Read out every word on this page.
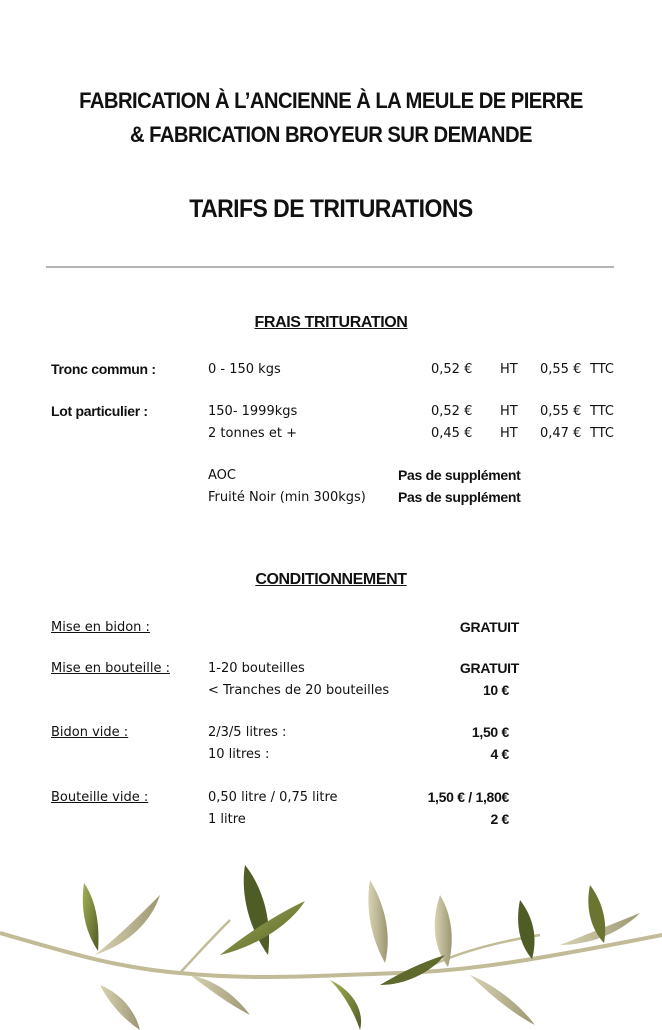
FABRICATION À L’ANCIENNE À LA MEULE DE PIERRE
& FABRICATION BROYEUR SUR DEMANDE
TARIFS DE TRITURATIONS
FRAIS TRITURATION
Tronc commun :	0 - 150 kgs	0,52 € HT 0,55 € TTC
Lot particulier :	150- 1999kgs	0,52 € HT 0,55 € TTC
2 tonnes et +	0,45 € HT 0,47 € TTC
AOC	Pas de supplément
Fruité Noir (min 300kgs) Pas de supplément
CONDITIONNEMENT
Mise en bidon :	GRATUIT
Mise en bouteille :	1-20 bouteilles	GRATUIT
< Tranches de 20 bouteilles	10 €
Bidon vide :	2/3/5 litres :	1,50 €
10 litres :	4 €
Bouteille vide :	0,50 litre / 0,75 litre	1,50 € / 1,80€
1 litre	2 €
